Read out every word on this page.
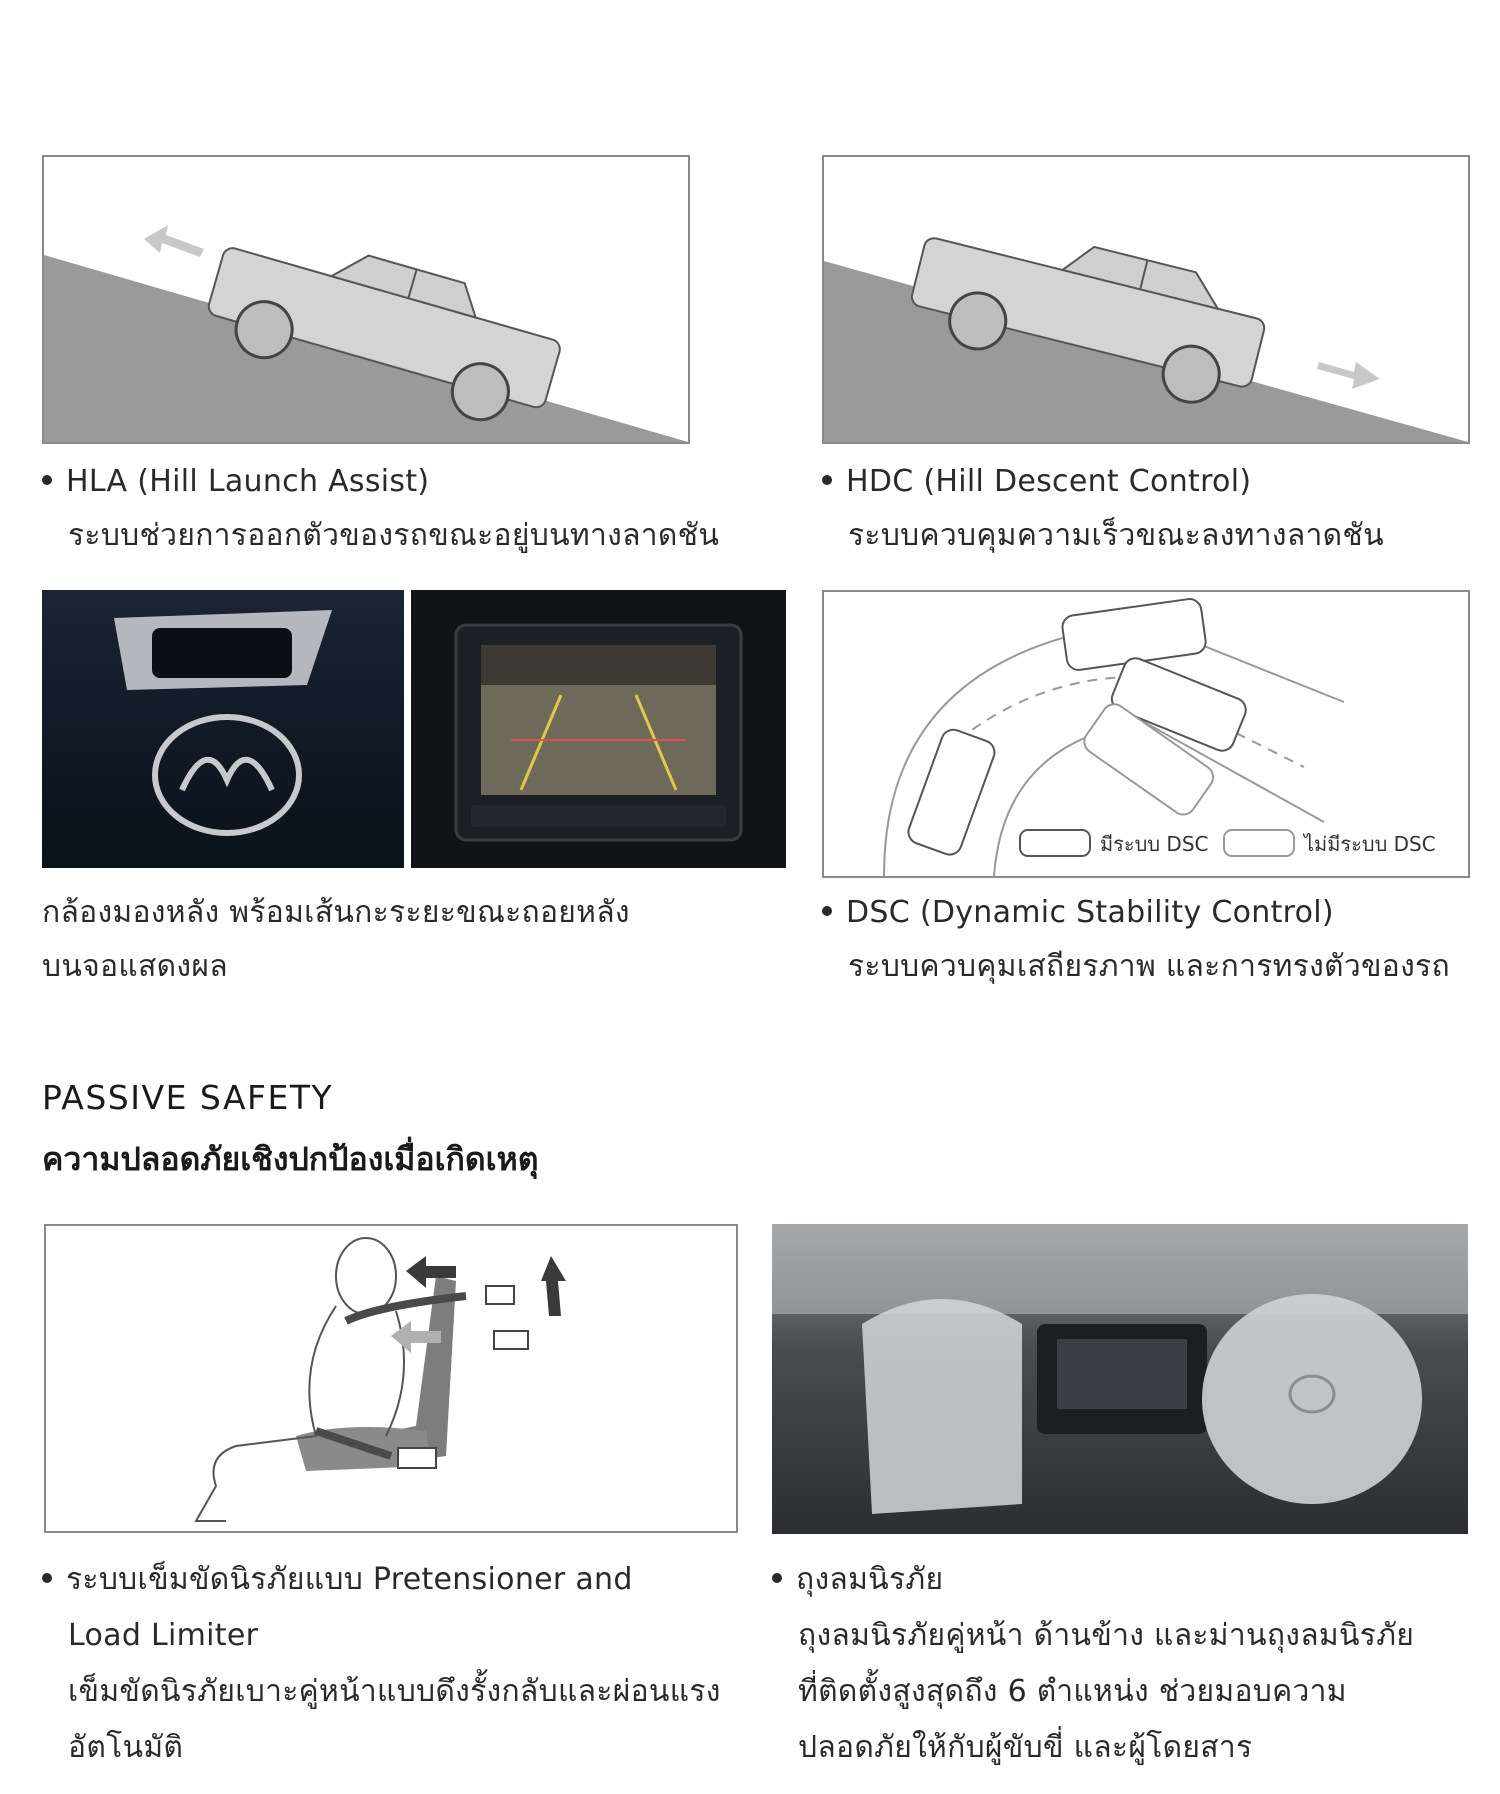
HLA (Hill Launch Assist)
ระบบช่วยการออกตัวของรถขณะอยู่บนทางลาดชัน
HDC (Hill Descent Control)
ระบบควบคุมความเร็วขณะลงทางลาดชัน
มีระบบ DSC	ไม่มีระบบ DSC
กล้องมองหลัง พร้อมเส้นกะระยะขณะถอยหลัง
บนจอแสดงผล
DSC (Dynamic Stability Control)
ระบบควบคุมเสถียรภาพ และการทรงตัวของรถ
PASSIVE SAFETY
ความปลอดภัยเชิงปกป้องเมื่อเกิดเหตุ
ระบบเข็มขัดนิรภัยแบบ Pretensioner and
Load Limiter
เข็มขัดนิรภัยเบาะคู่หน้าแบบดึงรั้งกลับและผ่อนแรง
อัตโนมัติ
ถุงลมนิรภัย
ถุงลมนิรภัยคู่หน้า ด้านข้าง และม่านถุงลมนิรภัย
ที่ติดตั้งสูงสุดถึง 6 ตำแหน่ง ช่วยมอบความ
ปลอดภัยให้กับผู้ขับขี่ และผู้โดยสาร
